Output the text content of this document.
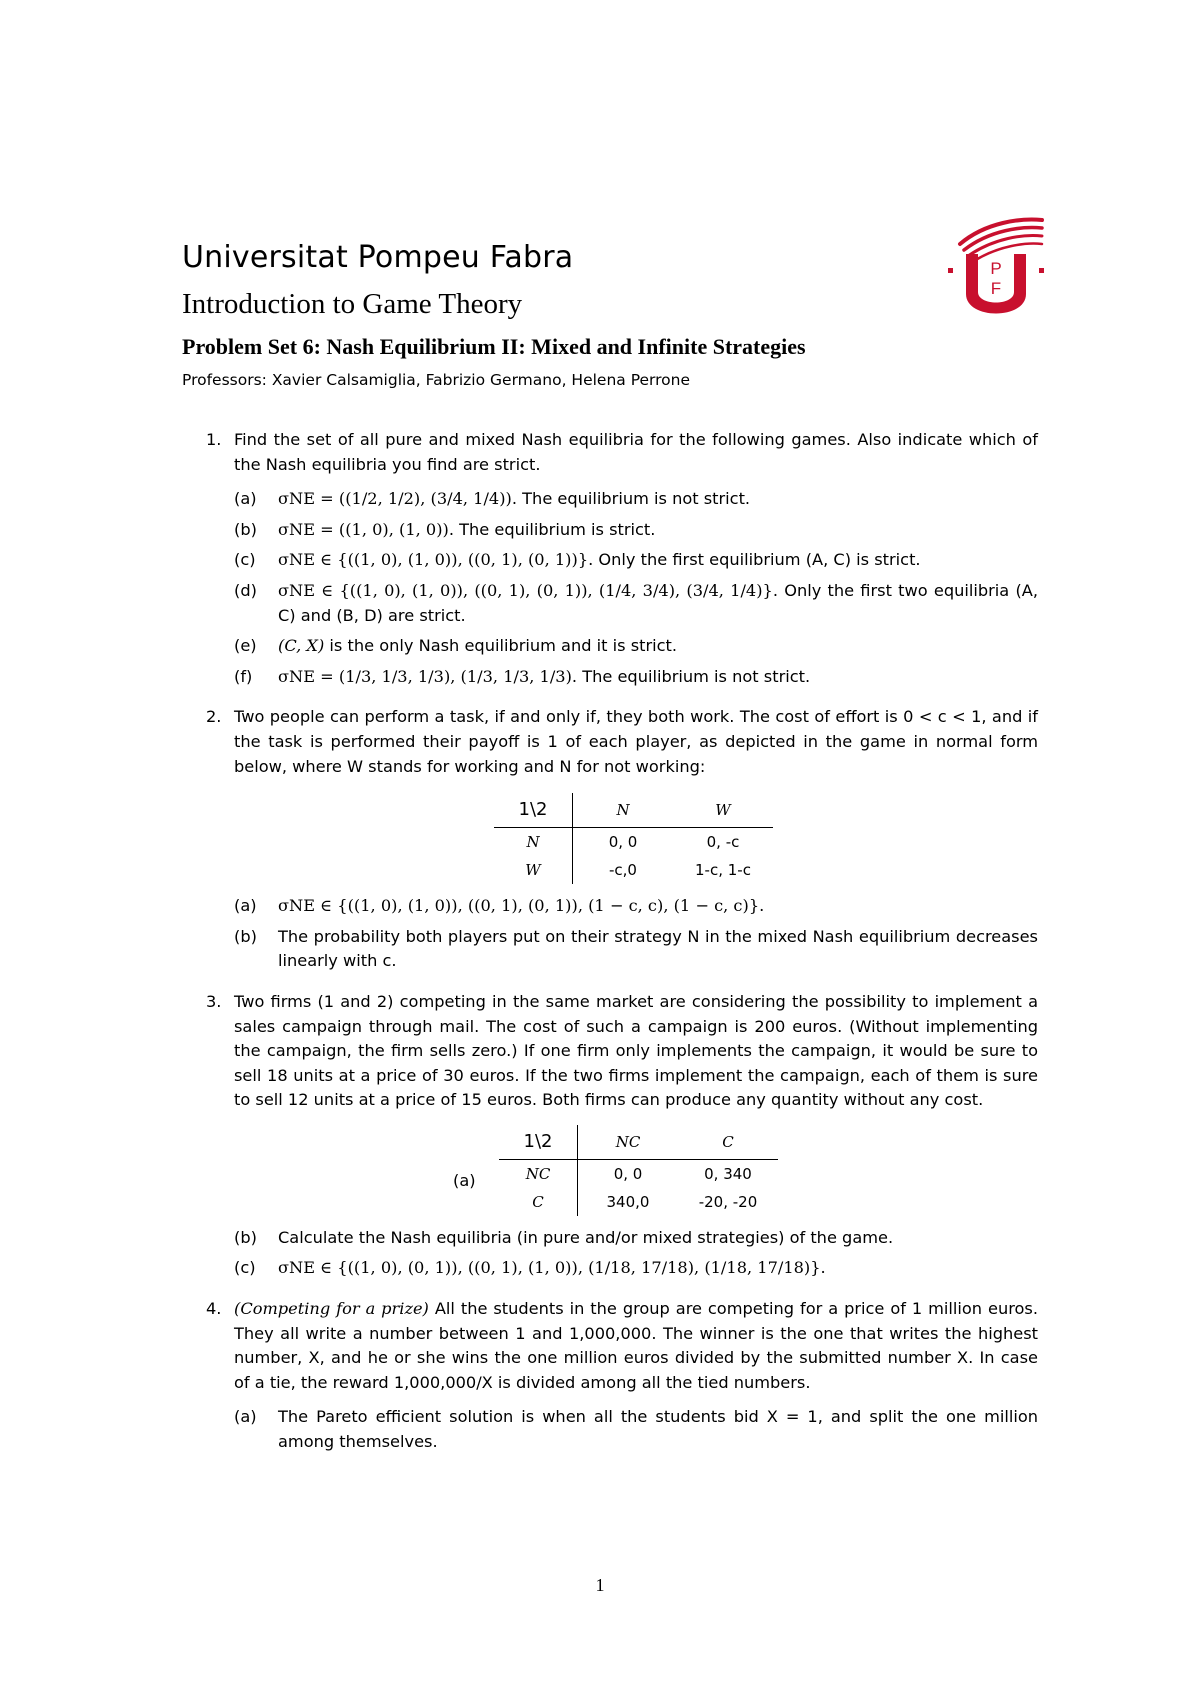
Universitat Pompeu Fabra
Introduction to Game Theory
Problem Set 6: Nash Equilibrium II: Mixed and Infinite Strategies
Professors: Xavier Calsamiglia, Fabrizio Germano, Helena Perrone
P
F
1. Find the set of all pure and mixed Nash equilibria for the following games. Also indicate which of the Nash equilibria you find are strict.
(a) σNE = ((1/2, 1/2), (3/4, 1/4)). The equilibrium is not strict.
(b) σNE = ((1, 0), (1, 0)). The equilibrium is strict.
(c) σNE ∈ {((1, 0), (1, 0)), ((0, 1), (0, 1))}. Only the first equilibrium (A, C) is strict.
(d) σNE ∈ {((1, 0), (1, 0)), ((0, 1), (0, 1)), (1/4, 3/4), (3/4, 1/4)}. Only the first two equilibria (A, C) and (B, D) are strict.
(e) (C, X) is the only Nash equilibrium and it is strict.
(f) σNE = (1/3, 1/3, 1/3), (1/3, 1/3, 1/3). The equilibrium is not strict.
2. Two people can perform a task, if and only if, they both work. The cost of effort is 0 < c < 1, and if the task is performed their payoff is 1 of each player, as depicted in the game in normal form below, where W stands for working and N for not working:
1\2	N	W
N	0, 0	0, -c
W	-c,0	1-c, 1-c
(a) σNE ∈ {((1, 0), (1, 0)), ((0, 1), (0, 1)), (1 − c, c), (1 − c, c)}.
(b) The probability both players put on their strategy N in the mixed Nash equilibrium decreases linearly with c.
3. Two firms (1 and 2) competing in the same market are considering the possibility to implement a sales campaign through mail. The cost of such a campaign is 200 euros. (Without implementing the campaign, the firm sells zero.) If one firm only implements the campaign, it would be sure to sell 18 units at a price of 30 euros. If the two firms implement the campaign, each of them is sure to sell 12 units at a price of 15 euros. Both firms can produce any quantity without any cost.
(a)
1\2	NC	C
NC	0, 0	0, 340
C	340,0	-20, -20
(b) Calculate the Nash equilibria (in pure and/or mixed strategies) of the game.
(c) σNE ∈ {((1, 0), (0, 1)), ((0, 1), (1, 0)), (1/18, 17/18), (1/18, 17/18)}.
4. (Competing for a prize) All the students in the group are competing for a price of 1 million euros. They all write a number between 1 and 1,000,000. The winner is the one that writes the highest number, X, and he or she wins the one million euros divided by the submitted number X. In case of a tie, the reward 1,000,000/X is divided among all the tied numbers.
(a) The Pareto efficient solution is when all the students bid X = 1, and split the one million among themselves.
1
